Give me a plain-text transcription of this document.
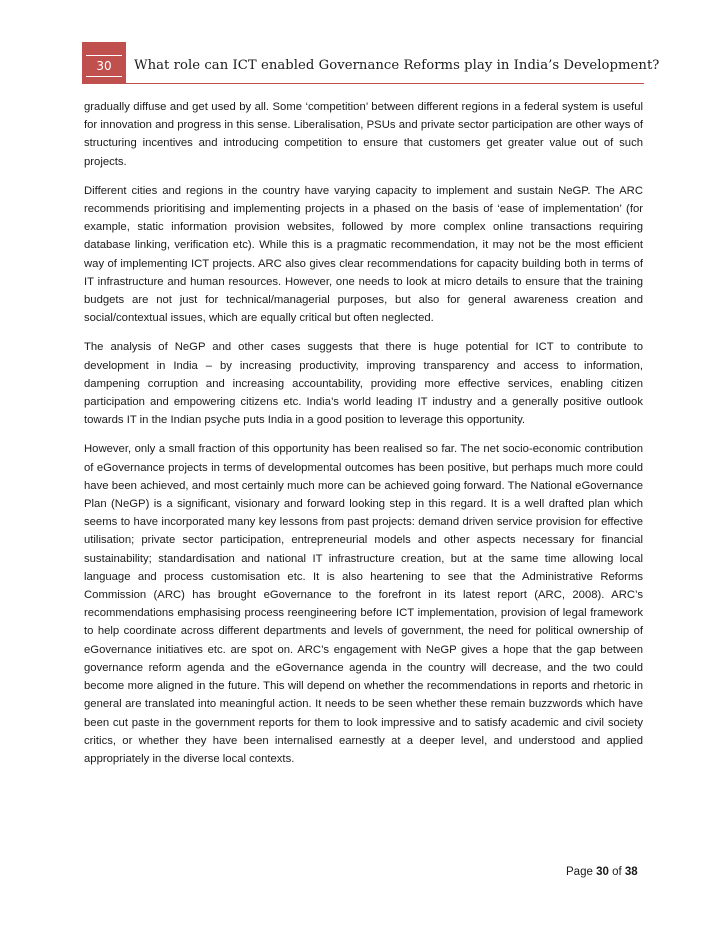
30	What role can ICT enabled Governance Reforms play in India’s Development?

gradually diffuse and get used by all. Some ‘competition’ between different regions in a federal system is useful for innovation and progress in this sense. Liberalisation, PSUs and private sector participation are other ways of structuring incentives and introducing competition to ensure that customers get greater value out of such projects.

Different cities and regions in the country have varying capacity to implement and sustain NeGP. The ARC recommends prioritising and implementing projects in a phased on the basis of ‘ease of implementation’ (for example, static information provision websites, followed by more complex online transactions requiring database linking, verification etc). While this is a pragmatic recommendation, it may not be the most efficient way of implementing ICT projects. ARC also gives clear recommendations for capacity building both in terms of IT infrastructure and human resources. However, one needs to look at micro details to ensure that the training budgets are not just for technical/managerial purposes, but also for general awareness creation and social/contextual issues, which are equally critical but often neglected.

The analysis of NeGP and other cases suggests that there is huge potential for ICT to contribute to development in India – by increasing productivity, improving transparency and access to information, dampening corruption and increasing accountability, providing more effective services, enabling citizen participation and empowering citizens etc. India’s world leading IT industry and a generally positive outlook towards IT in the Indian psyche puts India in a good position to leverage this opportunity.

However, only a small fraction of this opportunity has been realised so far. The net socio-economic contribution of eGovernance projects in terms of developmental outcomes has been positive, but perhaps much more could have been achieved, and most certainly much more can be achieved going forward. The National eGovernance Plan (NeGP) is a significant, visionary and forward looking step in this regard. It is a well drafted plan which seems to have incorporated many key lessons from past projects: demand driven service provision for effective utilisation; private sector participation, entrepreneurial models and other aspects necessary for financial sustainability; standardisation and national IT infrastructure creation, but at the same time allowing local language and process customisation etc. It is also heartening to see that the Administrative Reforms Commission (ARC) has brought eGovernance to the forefront in its latest report (ARC, 2008). ARC’s recommendations emphasising process reengineering before ICT implementation, provision of legal framework to help coordinate across different departments and levels of government, the need for political ownership of eGovernance initiatives etc. are spot on. ARC’s engagement with NeGP gives a hope that the gap between governance reform agenda and the eGovernance agenda in the country will decrease, and the two could become more aligned in the future. This will depend on whether the recommendations in reports and rhetoric in general are translated into meaningful action. It needs to be seen whether these remain buzzwords which have been cut paste in the government reports for them to look impressive and to satisfy academic and civil society critics, or whether they have been internalised earnestly at a deeper level, and understood and applied appropriately in the diverse local contexts.

Page 30 of 38
